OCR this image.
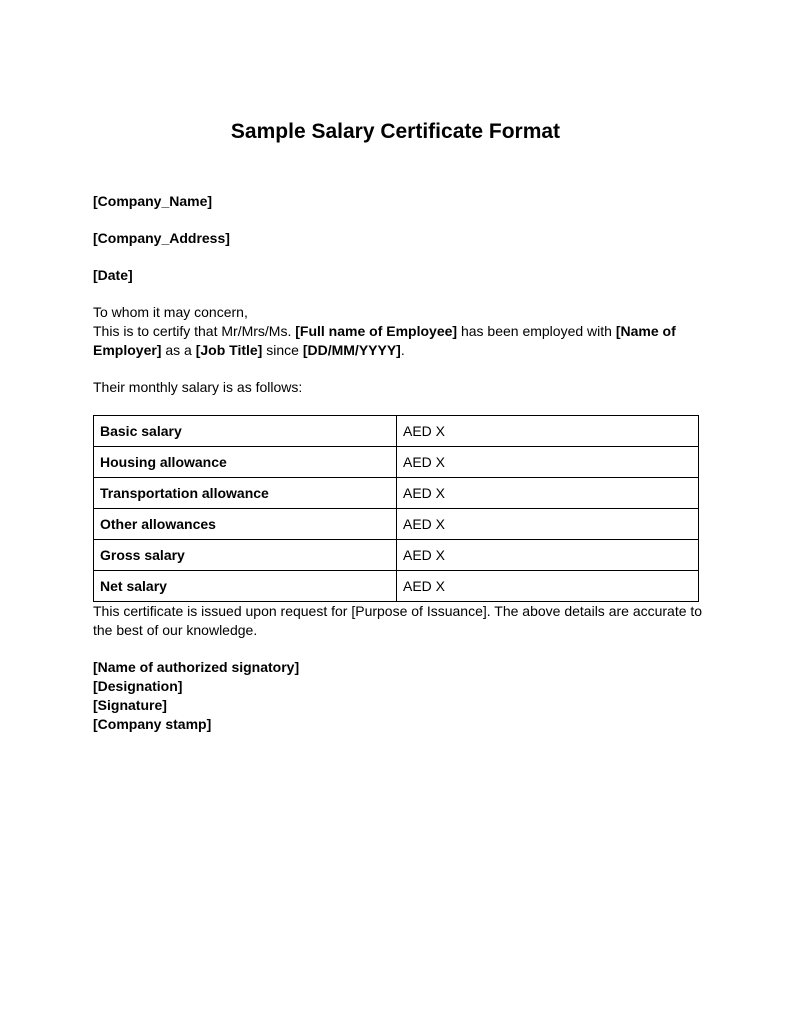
Sample Salary Certificate Format

[Company_Name]

[Company_Address]

[Date]

To whom it may concern,

This is to certify that Mr/Mrs/Ms. [Full name of Employee] has been employed with [Name of Employer] as a [Job Title] since [DD/MM/YYYY].

Their monthly salary is as follows:

Basic salary	AED X
Housing allowance	AED X
Transportation allowance	AED X
Other allowances	AED X
Gross salary	AED X
Net salary	AED X

This certificate is issued upon request for [Purpose of Issuance]. The above details are accurate to the best of our knowledge.

[Name of authorized signatory]

[Designation]

[Signature]

[Company stamp]
